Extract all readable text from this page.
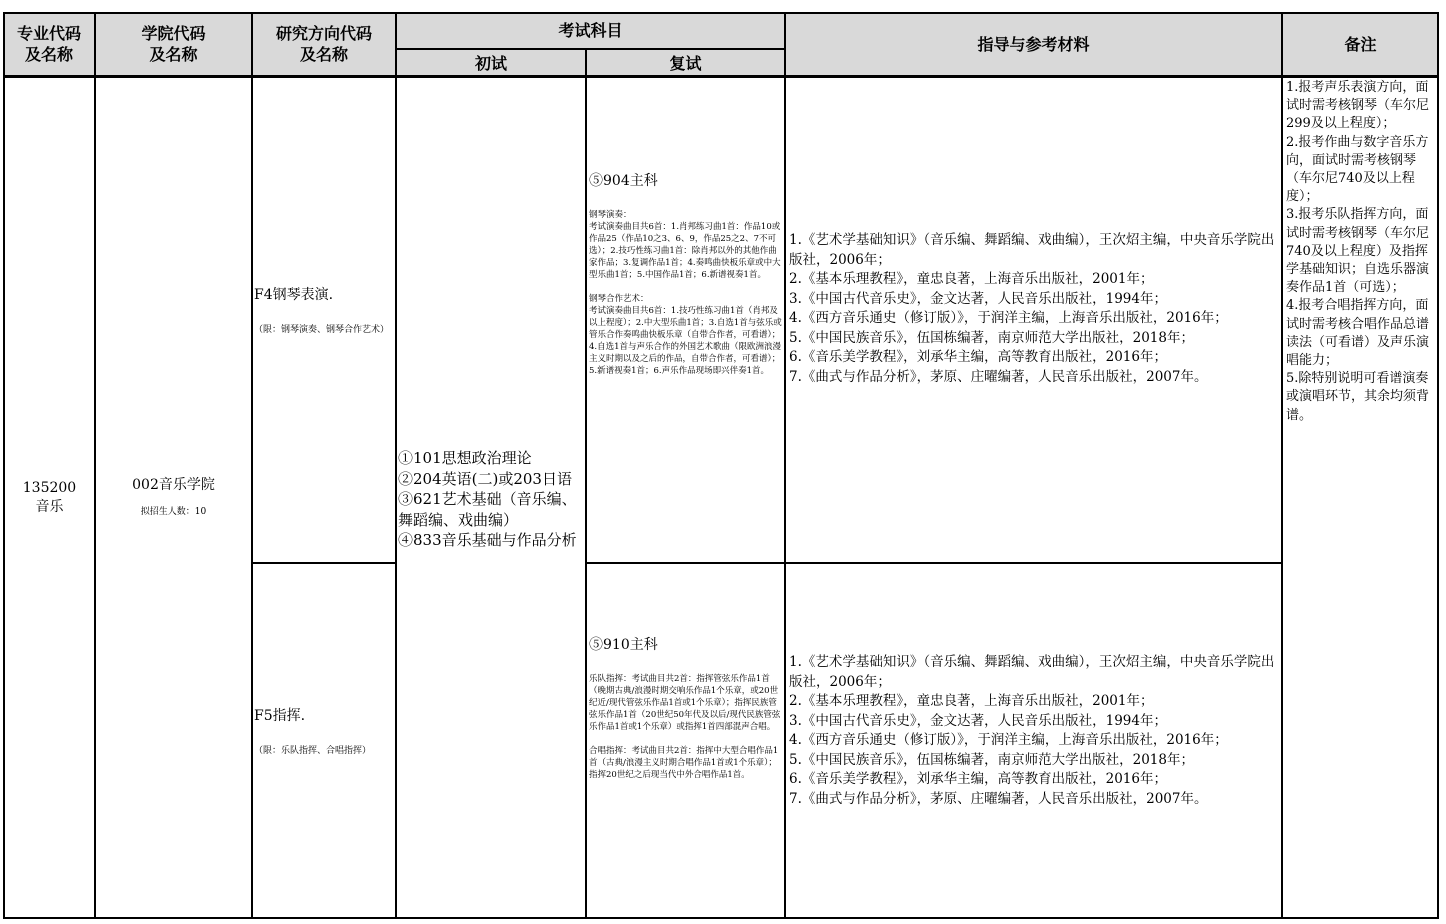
专业代码
及名称
学院代码
及名称
研究方向代码
及名称
考试科目
初试	复试
指导与参考材料	备注
135200
音乐
002音乐学院
拟招生人数：10
F4钢琴表演.
（限：钢琴演奏、钢琴合作艺术）
F5指挥.
（限：乐队指挥、合唱指挥）
①101思想政治理论
②204英语(二)或203日语
③621艺术基础（音乐编、舞蹈编、戏曲编）
④833音乐基础与作品分析
⑤904主科
钢琴演奏：
考试演奏曲目共6首：1.肖邦练习曲1首：作品10或作品25（作品10之3、6、9，作品25之2、7不可选）；2.技巧性练习曲1首：除肖邦以外的其他作曲家作品；3.复调作品1首；4.奏鸣曲快板乐章或中大型乐曲1首；5.中国作品1首；6.新谱视奏1首。
钢琴合作艺术：
考试演奏曲目共6首：1.技巧性练习曲1首（肖邦及以上程度）；2.中大型乐曲1首；3.自选1首与弦乐或管乐合作奏鸣曲快板乐章（自带合作者，可看谱）；4.自选1首与声乐合作的外国艺术歌曲（限欧洲浪漫主义时期以及之后的作品，自带合作者，可看谱）；5.新谱视奏1首；6.声乐作品现场即兴伴奏1首。
⑤910主科
乐队指挥：考试曲目共2首：指挥管弦乐作品1首（晚期古典/浪漫时期交响乐作品1个乐章，或20世纪近/现代管弦乐作品1首或1个乐章）；指挥民族管弦乐作品1首（20世纪50年代及以后/现代民族管弦乐作品1首或1个乐章）或指挥1首四部混声合唱。
合唱指挥：考试曲目共2首：指挥中大型合唱作品1首（古典/浪漫主义时期合唱作品1首或1个乐章）；指挥20世纪之后现当代中外合唱作品1首。
1.《艺术学基础知识》（音乐编、舞蹈编、戏曲编），王次炤主编，中央音乐学院出版社，2006年；
2.《基本乐理教程》，童忠良著，上海音乐出版社，2001年；
3.《中国古代音乐史》，金文达著，人民音乐出版社，1994年；
4.《西方音乐通史（修订版）》，于润洋主编，上海音乐出版社，2016年；
5.《中国民族音乐》，伍国栋编著，南京师范大学出版社，2018年；
6.《音乐美学教程》，刘承华主编，高等教育出版社，2016年；
7.《曲式与作品分析》，茅原、庄曜编著，人民音乐出版社，2007年。
1.《艺术学基础知识》（音乐编、舞蹈编、戏曲编），王次炤主编，中央音乐学院出版社，2006年；
2.《基本乐理教程》，童忠良著，上海音乐出版社，2001年；
3.《中国古代音乐史》，金文达著，人民音乐出版社，1994年；
4.《西方音乐通史（修订版）》，于润洋主编，上海音乐出版社，2016年；
5.《中国民族音乐》，伍国栋编著，南京师范大学出版社，2018年；
6.《音乐美学教程》，刘承华主编，高等教育出版社，2016年；
7.《曲式与作品分析》，茅原、庄曜编著，人民音乐出版社，2007年。
1.报考声乐表演方向，面试时需考核钢琴（车尔尼299及以上程度）；
2.报考作曲与数字音乐方向，面试时需考核钢琴（车尔尼740及以上程度）；
3.报考乐队指挥方向，面试时需考核钢琴（车尔尼740及以上程度）及指挥学基础知识；自选乐器演奏作品1首（可选）；
4.报考合唱指挥方向，面试时需考核合唱作品总谱读法（可看谱）及声乐演唱能力；
5.除特别说明可看谱演奏或演唱环节，其余均须背谱。
